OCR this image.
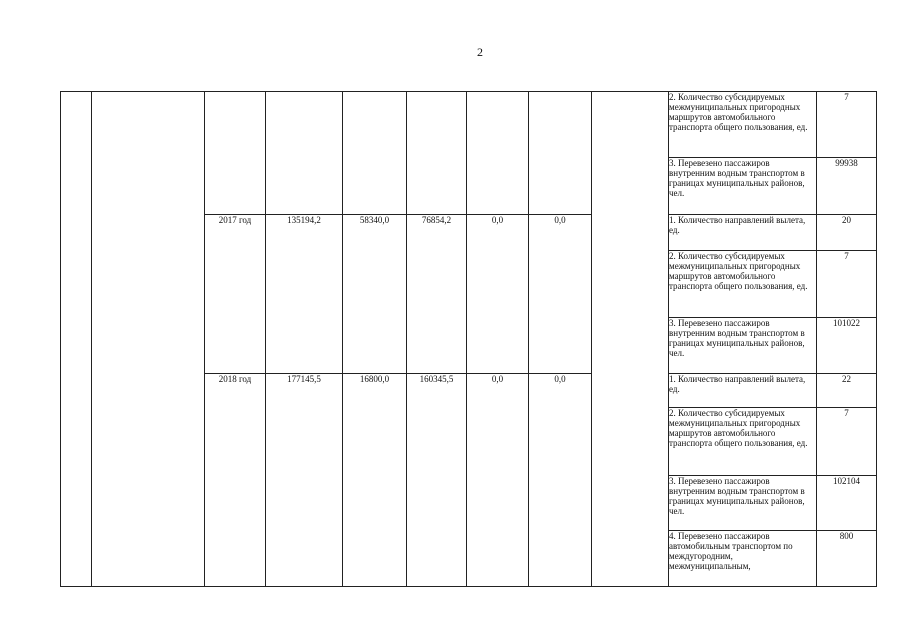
2
									2. Количество субсидируемых межмуниципальных пригородных маршрутов автомобильного транспорта общего пользования, ед.	7
									3. Перевезено пассажиров внутренним водным транспортом в границах муниципальных районов, чел.	99938
		2017 год	135194,2	58340,0	76854,2	0,0	0,0		1. Количество направлений вылета, ед.	20
									2. Количество субсидируемых межмуниципальных пригородных маршрутов автомобильного транспорта общего пользования, ед.	7
									3. Перевезено пассажиров внутренним водным транспортом в границах муниципальных районов, чел.	101022
		2018 год	177145,5	16800,0	160345,5	0,0	0,0		1. Количество направлений вылета, ед.	22
									2. Количество субсидируемых межмуниципальных пригородных маршрутов автомобильного транспорта общего пользования, ед.	7
									3. Перевезено пассажиров внутренним водным транспортом в границах муниципальных районов, чел.	102104
									4. Перевезено пассажиров автомобильным транспортом по междугородним, межмуниципальным,	800
